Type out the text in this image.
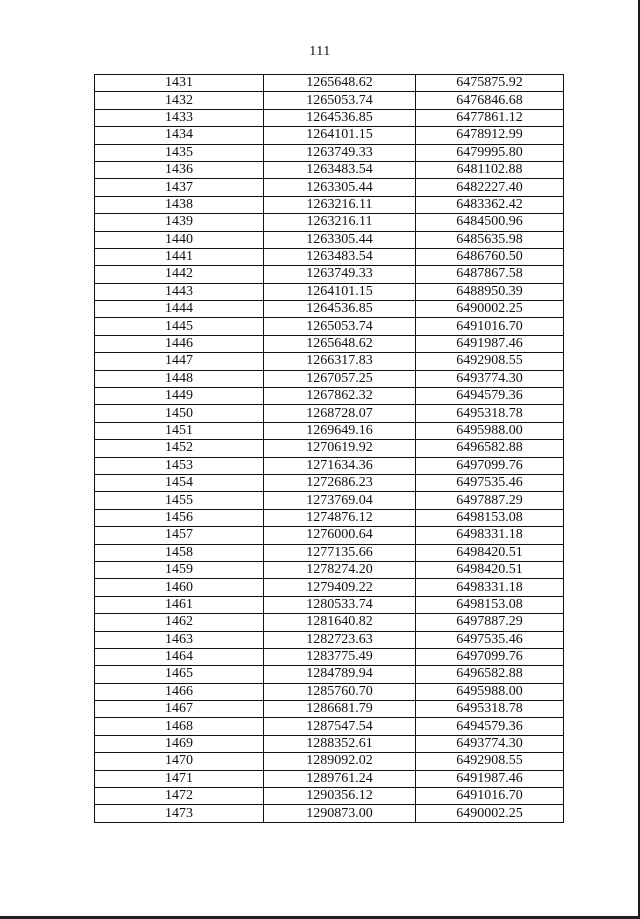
111
1431	1265648.62	6475875.92
1432	1265053.74	6476846.68
1433	1264536.85	6477861.12
1434	1264101.15	6478912.99
1435	1263749.33	6479995.80
1436	1263483.54	6481102.88
1437	1263305.44	6482227.40
1438	1263216.11	6483362.42
1439	1263216.11	6484500.96
1440	1263305.44	6485635.98
1441	1263483.54	6486760.50
1442	1263749.33	6487867.58
1443	1264101.15	6488950.39
1444	1264536.85	6490002.25
1445	1265053.74	6491016.70
1446	1265648.62	6491987.46
1447	1266317.83	6492908.55
1448	1267057.25	6493774.30
1449	1267862.32	6494579.36
1450	1268728.07	6495318.78
1451	1269649.16	6495988.00
1452	1270619.92	6496582.88
1453	1271634.36	6497099.76
1454	1272686.23	6497535.46
1455	1273769.04	6497887.29
1456	1274876.12	6498153.08
1457	1276000.64	6498331.18
1458	1277135.66	6498420.51
1459	1278274.20	6498420.51
1460	1279409.22	6498331.18
1461	1280533.74	6498153.08
1462	1281640.82	6497887.29
1463	1282723.63	6497535.46
1464	1283775.49	6497099.76
1465	1284789.94	6496582.88
1466	1285760.70	6495988.00
1467	1286681.79	6495318.78
1468	1287547.54	6494579.36
1469	1288352.61	6493774.30
1470	1289092.02	6492908.55
1471	1289761.24	6491987.46
1472	1290356.12	6491016.70
1473	1290873.00	6490002.25
